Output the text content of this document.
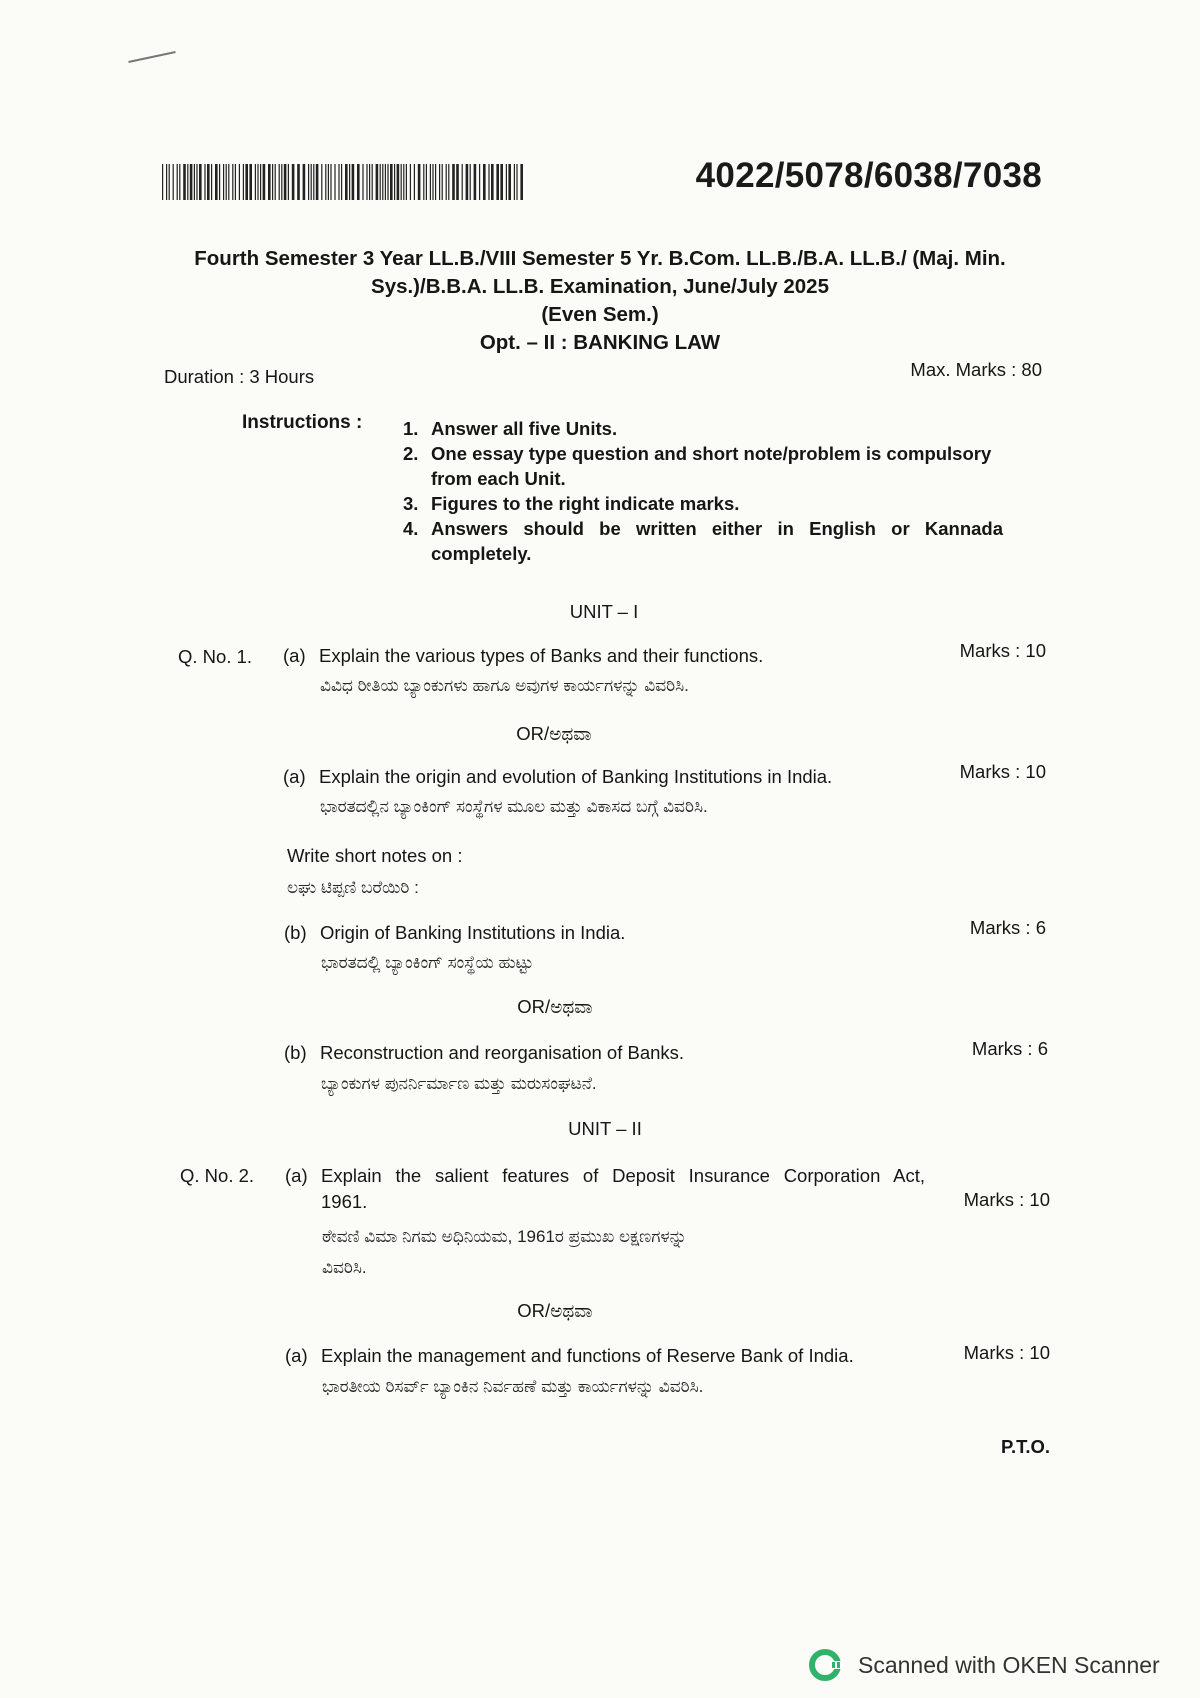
4022/5078/6038/7038
Fourth Semester 3 Year LL.B./VIII Semester 5 Yr. B.Com. LL.B./B.A. LL.B./ (Maj. Min.
Sys.)/B.B.A. LL.B. Examination, June/July 2025
(Even Sem.)
Opt. – II : BANKING LAW
Duration : 3 Hours	Max. Marks : 80
Instructions : 1. Answer all five Units.
2. One essay type question and short note/problem is compulsory from each Unit.
3. Figures to the right indicate marks.
4. Answers should be written either in English or Kannada completely.

UNIT – I
Q. No. 1. (a) Explain the various types of Banks and their functions.
ವಿವಿಧ ರೀತಿಯ ಬ್ಯಾಂಕುಗಳು ಹಾಗೂ ಅವುಗಳ ಕಾರ್ಯಗಳನ್ನು ವಿವರಿಸಿ.
Marks : 10
OR/ಅಥವಾ
(a) Explain the origin and evolution of Banking Institutions in India.
ಭಾರತದಲ್ಲಿನ ಬ್ಯಾಂಕಿಂಗ್ ಸಂಸ್ಥೆಗಳ ಮೂಲ ಮತ್ತು ವಿಕಾಸದ ಬಗ್ಗೆ ವಿವರಿಸಿ.
Marks : 10
Write short notes on :
ಲಘು ಟಿಪ್ಪಣಿ ಬರೆಯಿರಿ :
(b) Origin of Banking Institutions in India.
ಭಾರತದಲ್ಲಿ ಬ್ಯಾಂಕಿಂಗ್ ಸಂಸ್ಥೆಯ ಹುಟ್ಟು
Marks : 6
OR/ಅಥವಾ
(b) Reconstruction and reorganisation of Banks.
ಬ್ಯಾಂಕುಗಳ ಪುನರ್ನಿರ್ಮಾಣ ಮತ್ತು ಮರುಸಂಘಟನೆ.
Marks : 6
UNIT – II
Q. No. 2. (a) Explain the salient features of Deposit Insurance Corporation Act,
1961.
ಠೇವಣಿ ವಿಮಾ ನಿಗಮ ಅಧಿನಿಯಮ, 1961ರ ಪ್ರಮುಖ ಲಕ್ಷಣಗಳನ್ನು
ವಿವರಿಸಿ.
Marks : 10
OR/ಅಥವಾ
(a) Explain the management and functions of Reserve Bank of India.
ಭಾರತೀಯ ರಿಸರ್ವ್ ಬ್ಯಾಂಕಿನ ನಿರ್ವಹಣೆ ಮತ್ತು ಕಾರ್ಯಗಳನ್ನು ವಿವರಿಸಿ.
Marks : 10
P.T.O.
Scanned with OKEN Scanner
